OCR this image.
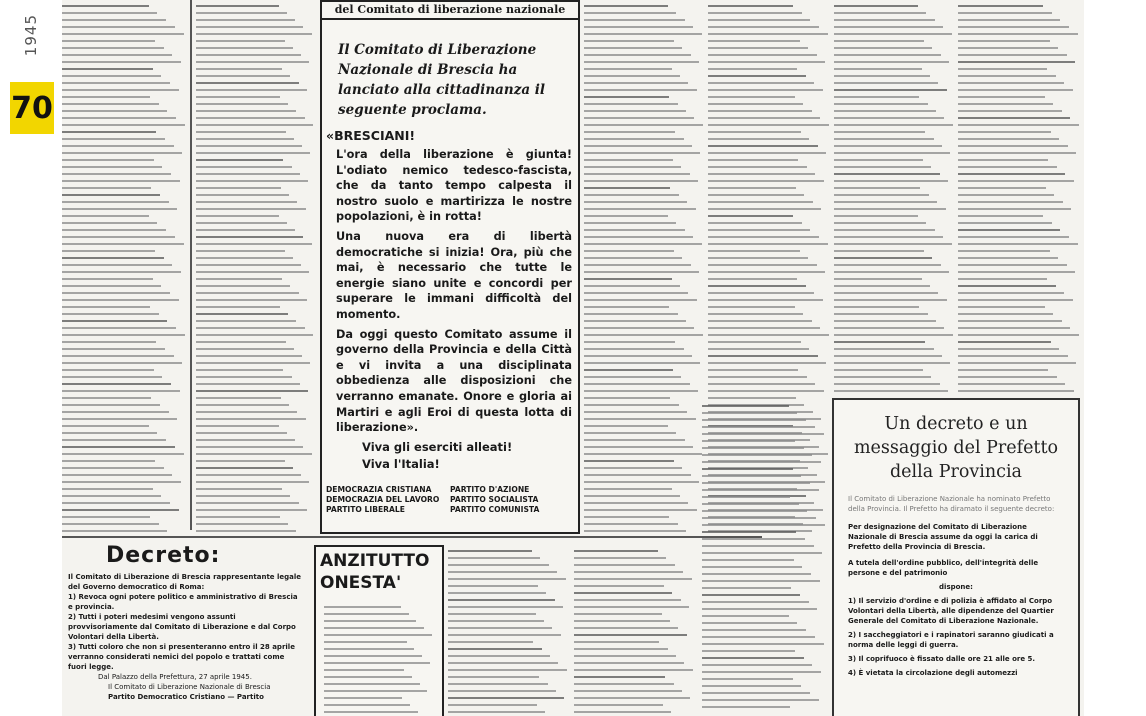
1945
70
del Comitato di liberazione nazionale
Il Comitato di Liberazione Nazionale di Brescia ha lanciato alla cittadinanza il seguente proclama.
«BRESCIANI!
L'ora della liberazione è giunta! L'odiato nemico tedesco-fascista, che da tanto tempo calpesta il nostro suolo e martirizza le nostre popolazioni, è in rotta!
Una nuova era di libertà democratiche si inizia! Ora, più che mai, è necessario che tutte le energie siano unite e concordi per superare le immani difficoltà del momento.
Da oggi questo Comitato assume il governo della Provincia e della Città e vi invita a una disciplinata obbedienza alle disposizioni che verranno emanate. Onore e gloria ai Martiri e agli Eroi di questa lotta di liberazione».
Viva gli eserciti alleati!
Viva l'Italia!
DEMOCRAZIA CRISTIANA	PARTITO D'AZIONE
DEMOCRAZIA DEL LAVORO	PARTITO SOCIALISTA
PARTITO LIBERALE	PARTITO COMUNISTA
Decreto:
Il Comitato di Liberazione di Brescia rappresentante legale del Governo democratico di Roma:
1) Revoca ogni potere politico e amministrativo di Brescia e provincia.
2) Tutti i poteri medesimi vengono assunti provvisoriamente dal Comitato di Liberazione e dal Corpo Volontari della Libertà.
3) Tutti coloro che non si presenteranno entro il 28 aprile verranno considerati nemici del popolo e trattati come fuori legge.
Dal Palazzo della Prefettura, 27 aprile 1945.
Il Comitato di Liberazione Nazionale di Brescia
Partito Democratico Cristiano — Partito
ANZITUTTO ONESTA'
Un decreto e un messaggio del Prefetto della Provincia
Il Comitato di Liberazione Nazionale ha nominato Prefetto della Provincia. Il Prefetto ha diramato il seguente decreto:
Per designazione del Comitato di Liberazione Nazionale di Brescia assume da oggi la carica di Prefetto della Provincia di Brescia.
A tutela dell'ordine pubblico, dell'integrità delle persone e del patrimonio
dispone:
1) Il servizio d'ordine e di polizia è affidato al Corpo Volontari della Libertà, alle dipendenze del Quartier Generale del Comitato di Liberazione Nazionale.
2) I saccheggiatori e i rapinatori saranno giudicati a norma delle leggi di guerra.
3) Il coprifuoco è fissato dalle ore 21 alle ore 5.
4) È vietata la circolazione degli automezzi
